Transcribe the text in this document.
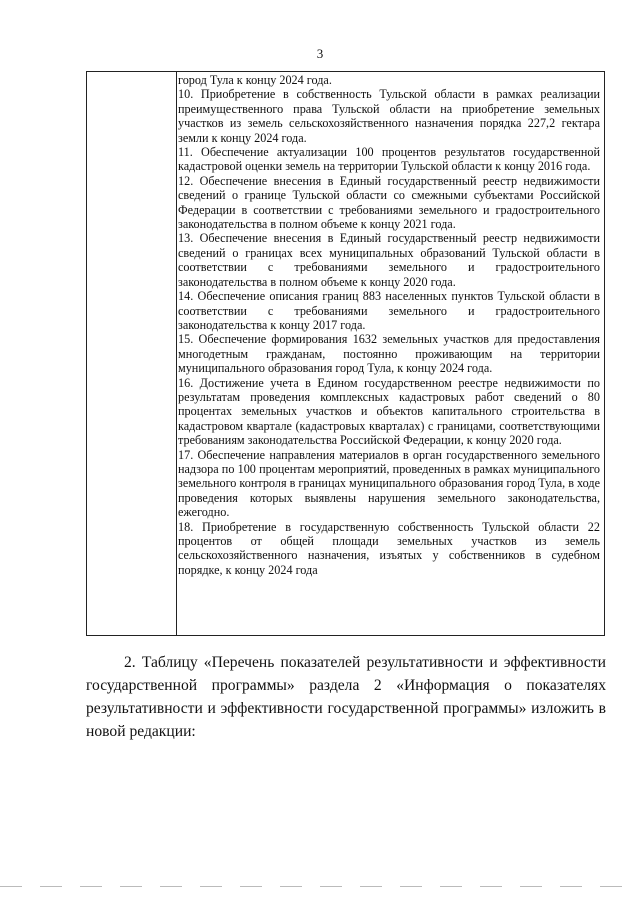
3

город Тула к концу 2024 года.

10. Приобретение в собственность Тульской области в рамках реализации преимущественного права Тульской области на приобретение земельных участков из земель сельскохозяйственного назначения порядка 227,2 гектара земли к концу 2024 года.

11. Обеспечение актуализации 100 процентов результатов государственной кадастровой оценки земель на территории Тульской области к концу 2016 года.

12. Обеспечение внесения в Единый государственный реестр недвижимости сведений о границе Тульской области со смежными субъектами Российской Федерации в соответствии с требованиями земельного и градостроительного законодательства в полном объеме к концу 2021 года.

13. Обеспечение внесения в Единый государственный реестр недвижимости сведений о границах всех муниципальных образований Тульской области в соответствии с требованиями земельного и градостроительного законодательства в полном объеме к концу 2020 года.

14. Обеспечение описания границ 883 населенных пунктов Тульской области в соответствии с требованиями земельного и градостроительного законодательства к концу 2017 года.

15. Обеспечение формирования 1632 земельных участков для предоставления многодетным гражданам, постоянно проживающим на территории муниципального образования город Тула, к концу 2024 года.

16. Достижение учета в Едином государственном реестре недвижимости по результатам проведения комплексных кадастровых работ сведений о 80 процентах земельных участков и объектов капитального строительства в кадастровом квартале (кадастровых кварталах) с границами, соответствующими требованиям законодательства Российской Федерации, к концу 2020 года.

17. Обеспечение направления материалов в орган государственного земельного надзора по 100 процентам мероприятий, проведенных в рамках муниципального земельного контроля в границах муниципального образования город Тула, в ходе проведения которых выявлены нарушения земельного законодательства, ежегодно.

18. Приобретение в государственную собственность Тульской области 22 процентов от общей площади земельных участков из земель сельскохозяйственного назначения, изъятых у собственников в судебном порядке, к концу 2024 года

2. Таблицу «Перечень показателей результативности и эффективности государственной программы» раздела 2 «Информация о показателях результативности и эффективности государственной программы» изложить в новой редакции:
